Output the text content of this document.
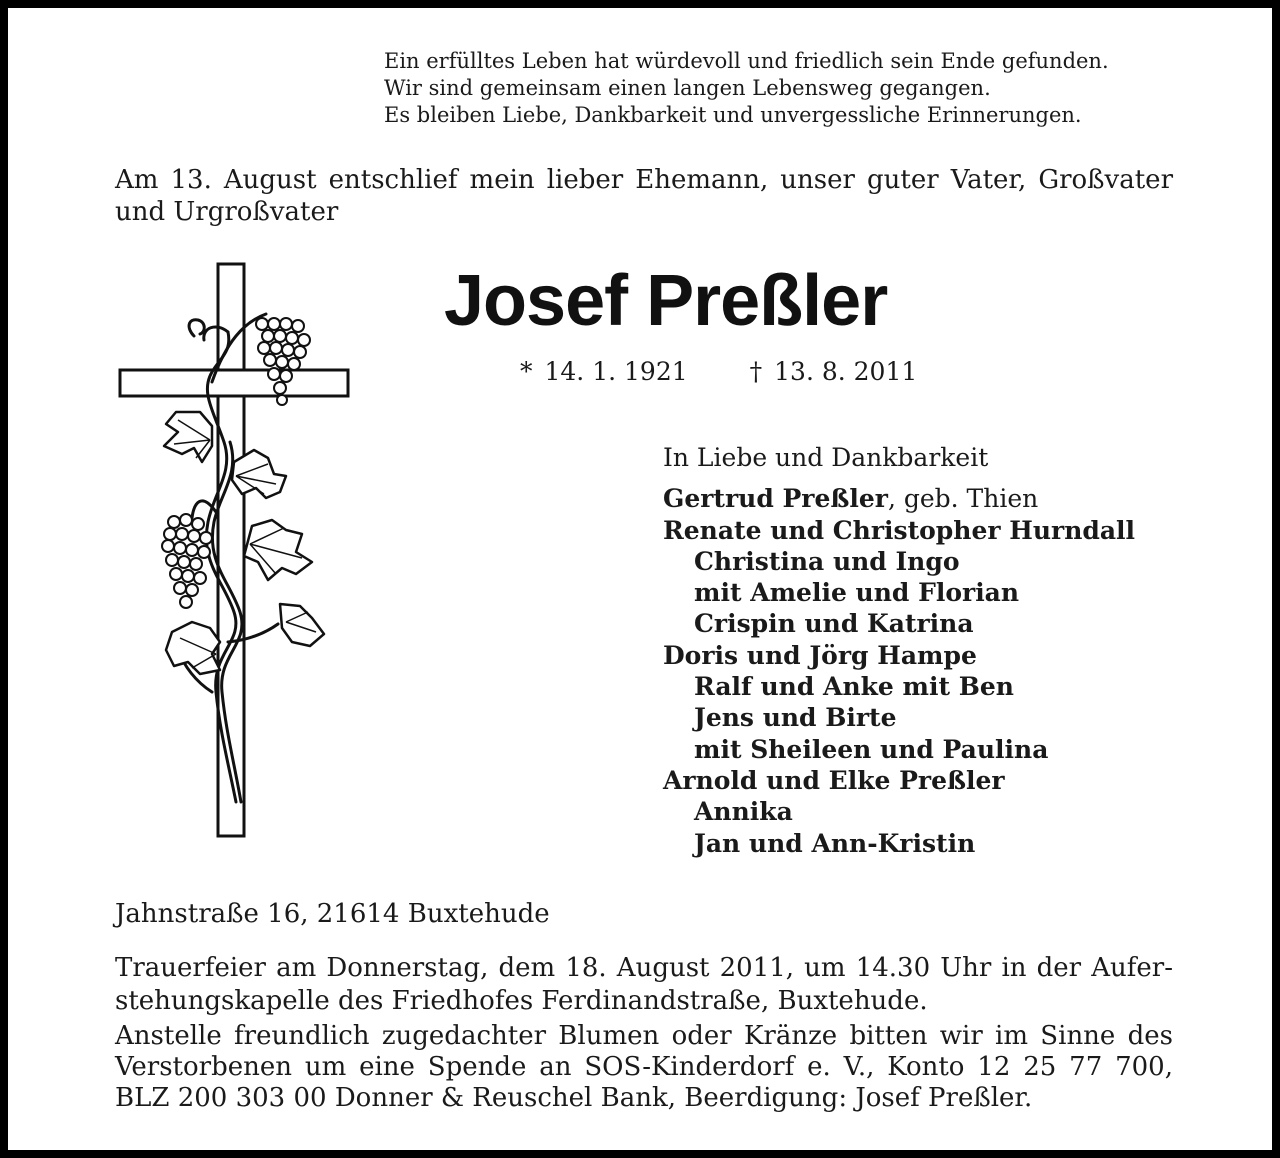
Ein erfülltes Leben hat würdevoll und friedlich sein Ende gefunden.
Wir sind gemeinsam einen langen Lebensweg gegangen.
Es bleiben Liebe, Dankbarkeit und unvergessliche Erinnerungen.
Am 13. August entschlief mein lieber Ehemann, unser guter Vater, Großvater und Urgroßvater
Josef Preßler
* 14. 1. 1921 † 13. 8. 2011
In Liebe und Dankbarkeit
Gertrud Preßler, geb. Thien
Renate und Christopher Hurndall
Christina und Ingo
mit Amelie und Florian
Crispin und Katrina
Doris und Jörg Hampe
Ralf und Anke mit Ben
Jens und Birte
mit Sheileen und Paulina
Arnold und Elke Preßler
Annika
Jan und Ann-Kristin
Jahnstraße 16, 21614 Buxtehude
Trauerfeier am Donnerstag, dem 18. August 2011, um 14.30 Uhr in der Auferstehungskapelle des Friedhofes Ferdinandstraße, Buxtehude.
Anstelle freundlich zugedachter Blumen oder Kränze bitten wir im Sinne des Verstorbenen um eine Spende an SOS-Kinderdorf e. V., Konto 12 25 77 700, BLZ 200 303 00 Donner & Reuschel Bank, Beerdigung: Josef Preßler.
